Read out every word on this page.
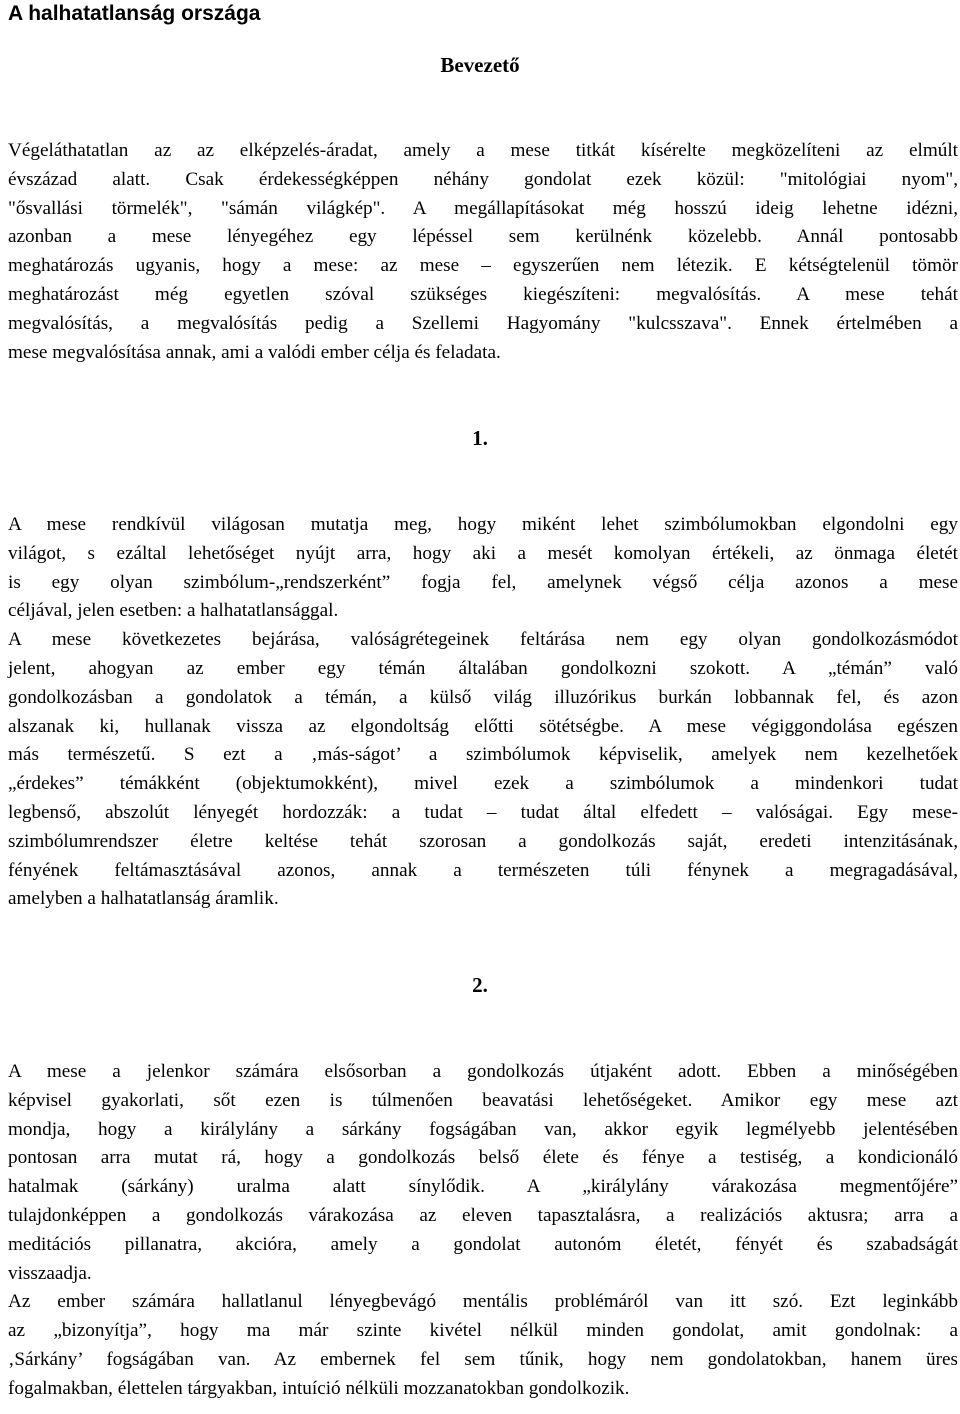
A halhatatlanság országa
Bevezető
Végeláthatatlan az az elképzelés-áradat, amely a mese titkát kísérelte megközelíteni az elmúlt
évszázad alatt. Csak érdekességképpen néhány gondolat ezek közül: "mitológiai nyom",
"ősvallási törmelék", "sámán világkép". A megállapításokat még hosszú ideig lehetne idézni,
azonban a mese lényegéhez egy lépéssel sem kerülnénk közelebb. Annál pontosabb
meghatározás ugyanis, hogy a mese: az mese – egyszerűen nem létezik. E kétségtelenül tömör
meghatározást még egyetlen szóval szükséges kiegészíteni: megvalósítás. A mese tehát
megvalósítás, a megvalósítás pedig a Szellemi Hagyomány "kulcsszava". Ennek értelmében a
mese megvalósítása annak, ami a valódi ember célja és feladata.
1.
A mese rendkívül világosan mutatja meg, hogy miként lehet szimbólumokban elgondolni egy
világot, s ezáltal lehetőséget nyújt arra, hogy aki a mesét komolyan értékeli, az önmaga életét
is egy olyan szimbólum-„rendszerként” fogja fel, amelynek végső célja azonos a mese
céljával, jelen esetben: a halhatatlansággal.
A mese következetes bejárása, valóságrétegeinek feltárása nem egy olyan gondolkozásmódot
jelent, ahogyan az ember egy témán általában gondolkozni szokott. A „témán” való
gondolkozásban a gondolatok a témán, a külső világ illuzórikus burkán lobbannak fel, és azon
alszanak ki, hullanak vissza az elgondoltság előtti sötétségbe. A mese végiggondolása egészen
más természetű. S ezt a ‚más-ságot’ a szimbólumok képviselik, amelyek nem kezelhetőek
„érdekes” témákként (objektumokként), mivel ezek a szimbólumok a mindenkori tudat
legbenső, abszolút lényegét hordozzák: a tudat – tudat által elfedett – valóságai. Egy mese-
szimbólumrendszer életre keltése tehát szorosan a gondolkozás saját, eredeti intenzitásának,
fényének feltámasztásával azonos, annak a természeten túli fénynek a megragadásával,
amelyben a halhatatlanság áramlik.
2.
A mese a jelenkor számára elsősorban a gondolkozás útjaként adott. Ebben a minőségében
képvisel gyakorlati, sőt ezen is túlmenően beavatási lehetőségeket. Amikor egy mese azt
mondja, hogy a királylány a sárkány fogságában van, akkor egyik legmélyebb jelentésében
pontosan arra mutat rá, hogy a gondolkozás belső élete és fénye a testiség, a kondicionáló
hatalmak (sárkány) uralma alatt sínylődik. A „királylány várakozása megmentőjére”
tulajdonképpen a gondolkozás várakozása az eleven tapasztalásra, a realizációs aktusra; arra a
meditációs pillanatra, akcióra, amely a gondolat autonóm életét, fényét és szabadságát
visszaadja.
Az ember számára hallatlanul lényegbevágó mentális problémáról van itt szó. Ezt leginkább
az „bizonyítja”, hogy ma már szinte kivétel nélkül minden gondolat, amit gondolnak: a
‚Sárkány’ fogságában van. Az embernek fel sem tűnik, hogy nem gondolatokban, hanem üres
fogalmakban, élettelen tárgyakban, intuíció nélküli mozzanatokban gondolkozik.
